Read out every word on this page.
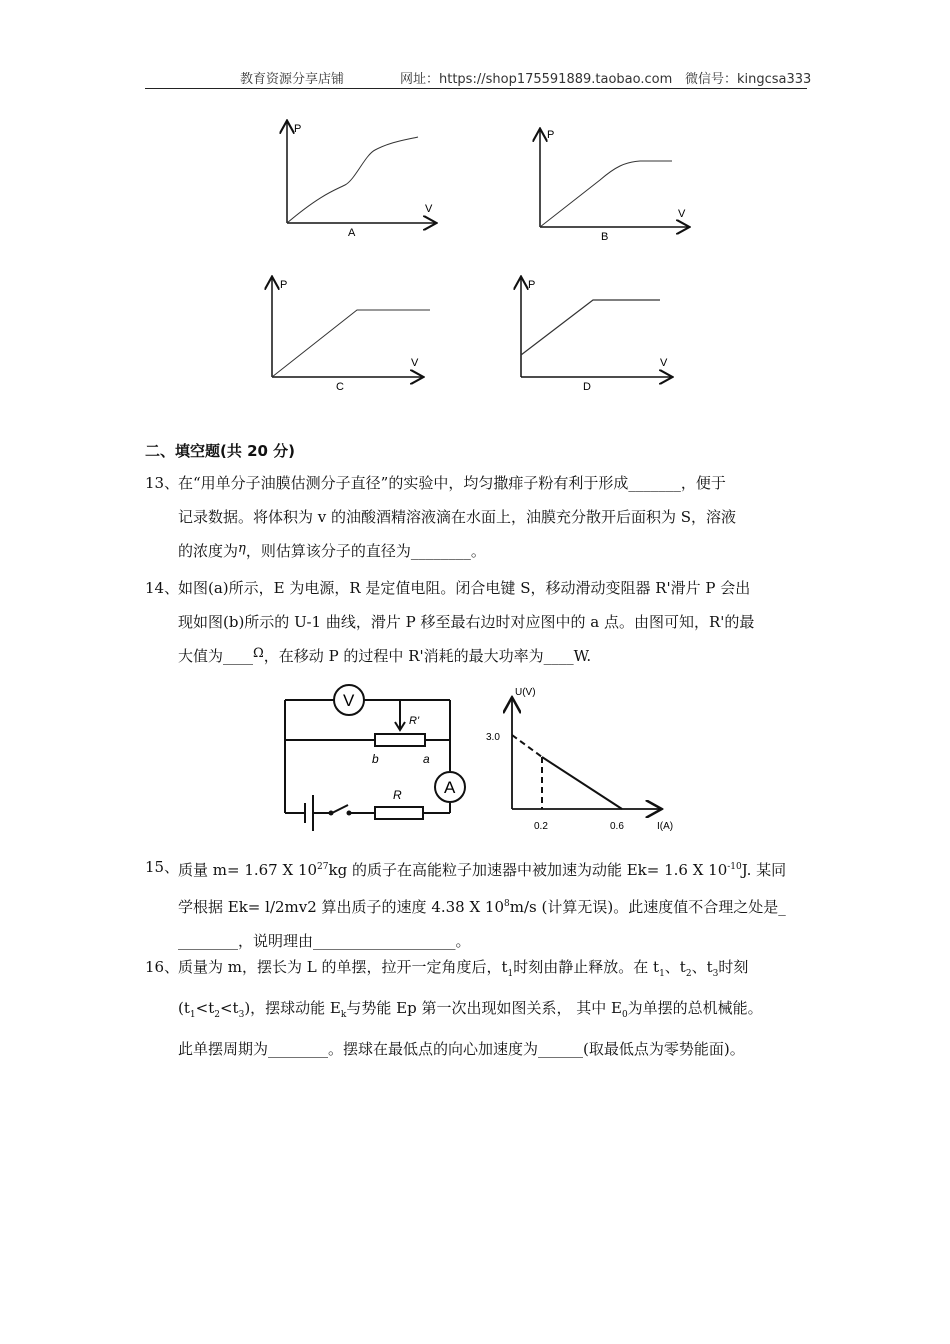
教育资源分享店铺	网址：https://shop175591889.taobao.com 微信号：kingcsa333
P
V
A
P
V
B
P
V
C
P
V
D
二、填空题(共 20 分)
13、
在“用单分子油膜估测分子直径”的实验中，均匀撒痱子粉有利于形成_______，便于
记录数据。将体积为 v 的油酸酒精溶液滴在水面上，油膜充分散开后面积为 S，溶液
的浓度为η，则估算该分子的直径为________。
14、
如图(a)所示，E 为电源，R 是定值电阻。闭合电键 S，移动滑动变阻器 R'滑片 P 会出
现如图(b)所示的 U-1 曲线，滑片 P 移至最右边时对应图中的 a 点。由图可知，R'的最
大值为____Ω，在移动 P 的过程中 R'消耗的最大功率为____W.
V
A
R'
b	a
R
U(V)
I(A)
3.0
0.2	0.6
15、
质量 m= 1.67 X $10^{27}kg$ 的质子在高能粒子加速器中被加速为动能 Ek= 1.6 X $10^{-10}J$. 某同
学根据 Ek= l/2mv2 算出质子的速度 4.38 X $10^8m/s$ (计算无误)。此速度值不合理之处是_
________，说明理由___________________。
16、
质量为 m，摆长为 L 的单摆，拉开一定角度后，$t_1$时刻由静止释放。在 $t_1$、$t_2$、$t_3$时刻
$(t_1<t_2<t_3)$，摆球动能 $E_k$与势能 Ep 第一次出现如图关系， 其中 $E_0$为单摆的总机械能。
此单摆周期为________。摆球在最低点的向心加速度为______(取最低点为零势能面)。
